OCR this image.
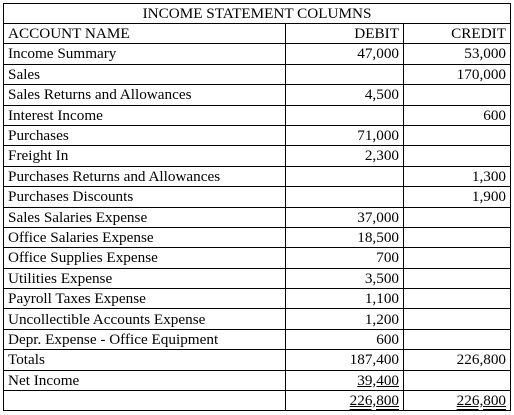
INCOME STATEMENT COLUMNS		
ACCOUNT NAME	DEBIT	CREDIT
Income Summary	47,000	53,000
Sales		170,000
Sales Returns and Allowances	4,500	
Interest Income		600
Purchases	71,000	
Freight In	2,300	
Purchases Returns and Allowances		1,300
Purchases Discounts		1,900
Sales Salaries Expense	37,000	
Office Salaries Expense	18,500	
Office Supplies Expense	700	
Utilities Expense	3,500	
Payroll Taxes Expense	1,100	
Uncollectible Accounts Expense	1,200	
Depr. Expense - Office Equipment	600	
Totals	187,400	226,800
Net Income	39,400	
	226,800	226,800
